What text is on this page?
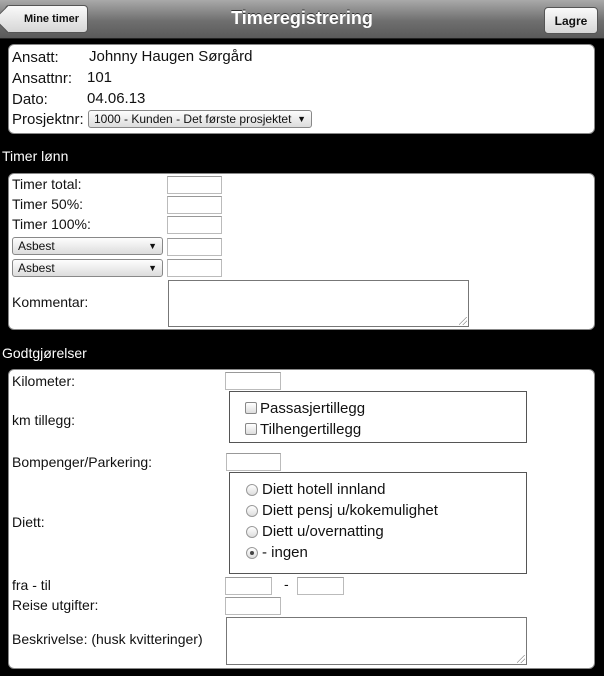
Mine timer	Timeregistrering	Lagre
Ansatt: Johnny Haugen Sørgård
Ansattnr: 101
Dato:	04.06.13
Prosjektnr: 1000 - Kunden - Det første prosjektet ▼
Timer lønn
Timer total:
Timer 50%:
Timer 100%:
Asbest	▼
Asbest	▼
Kommentar:
Godtgjørelser
Kilometer:
km tillegg:
Passasjertillegg
Tilhengertillegg
Bompenger/Parkering:
Diett:
Diett hotell innland
Diett pensj u/kokemulighet
Diett u/overnatting
- ingen
fra - til	-
Reise utgifter:
Beskrivelse: (husk kvitteringer)
